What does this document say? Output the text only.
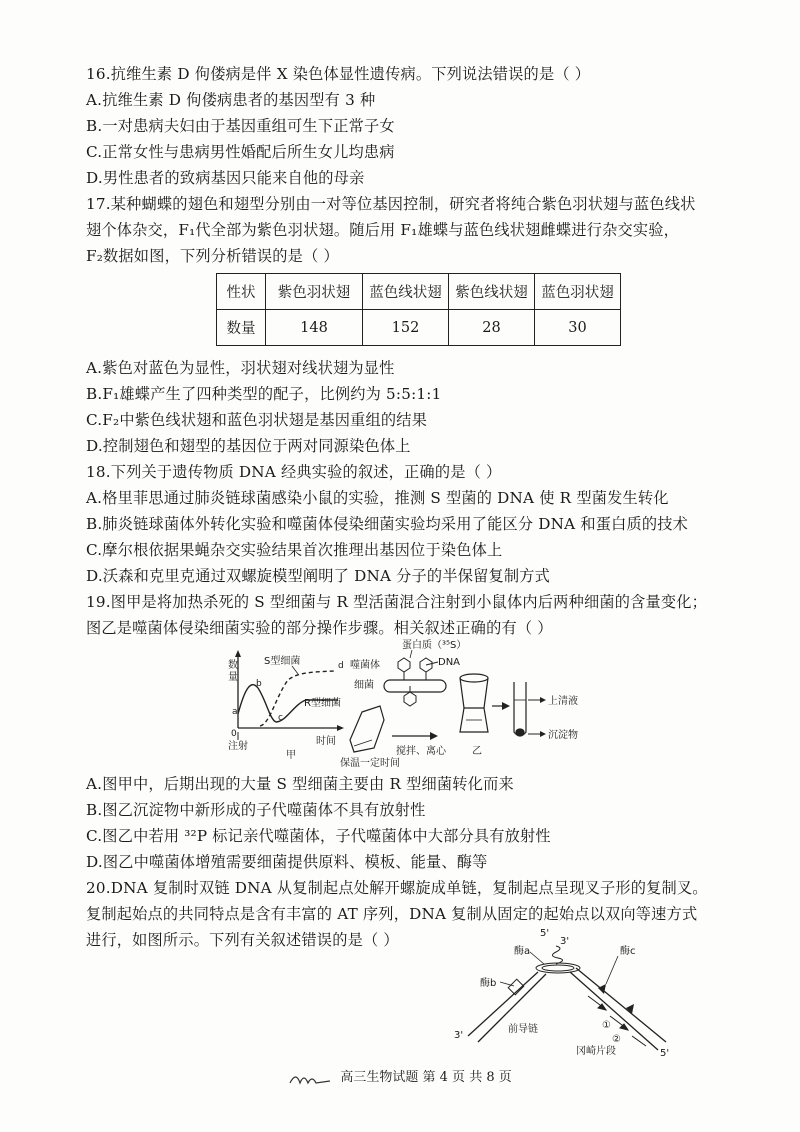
16.抗维生素 D 佝偻病是伴 X 染色体显性遗传病。下列说法错误的是（ ）
A.抗维生素 D 佝偻病患者的基因型有 3 种
B.一对患病夫妇由于基因重组可生下正常子女
C.正常女性与患病男性婚配后所生女儿均患病
D.男性患者的致病基因只能来自他的母亲
17.某种蝴蝶的翅色和翅型分别由一对等位基因控制，研究者将纯合紫色羽状翅与蓝色线状
翅个体杂交，F₁代全部为紫色羽状翅。随后用 F₁雄蝶与蓝色线状翅雌蝶进行杂交实验，
F₂数据如图，下列分析错误的是（ ）
性状	紫色羽状翅	蓝色线状翅	紫色线状翅	蓝色羽状翅
数量	148	152	28	30
A.紫色对蓝色为显性，羽状翅对线状翅为显性
B.F₁雄蝶产生了四种类型的配子，比例约为 5:5:1:1
C.F₂中紫色线状翅和蓝色羽状翅是基因重组的结果
D.控制翅色和翅型的基因位于两对同源染色体上
18.下列关于遗传物质 DNA 经典实验的叙述，正确的是（ ）
A.格里菲思通过肺炎链球菌感染小鼠的实验，推测 S 型菌的 DNA 使 R 型菌发生转化
B.肺炎链球菌体外转化实验和噬菌体侵染细菌实验均采用了能区分 DNA 和蛋白质的技术
C.摩尔根依据果蝇杂交实验结果首次推理出基因位于染色体上
D.沃森和克里克通过双螺旋模型阐明了 DNA 分子的半保留复制方式
19.图甲是将加热杀死的 S 型细菌与 R 型活菌混合注射到小鼠体内后两种细菌的含量变化；
图乙是噬菌体侵染细菌实验的部分操作步骤。相关叙述正确的有（ ）
数
量
S型细菌
R型细菌
a
b
c
d
0
注射	时间
甲
蛋白质（³⁵S）
DNA
噬菌体
细菌
保温一定时间
搅拌、离心	乙
上清液
沉淀物
A.图甲中，后期出现的大量 S 型细菌主要由 R 型细菌转化而来
B.图乙沉淀物中新形成的子代噬菌体不具有放射性
C.图乙中若用 ³²P 标记亲代噬菌体，子代噬菌体中大部分具有放射性
D.图乙中噬菌体增殖需要细菌提供原料、模板、能量、酶等
20.DNA 复制时双链 DNA 从复制起点处解开螺旋成单链，复制起点呈现叉子形的复制叉。
复制起始点的共同特点是含有丰富的 AT 序列，DNA 复制从固定的起始点以双向等速方式
进行，如图所示。下列有关叙述错误的是（ ）	5'
3'
酶a	酶c
酶b
3'
前导链	①
②
冈崎片段	5'
高三生物试题 第 4 页 共 8 页
